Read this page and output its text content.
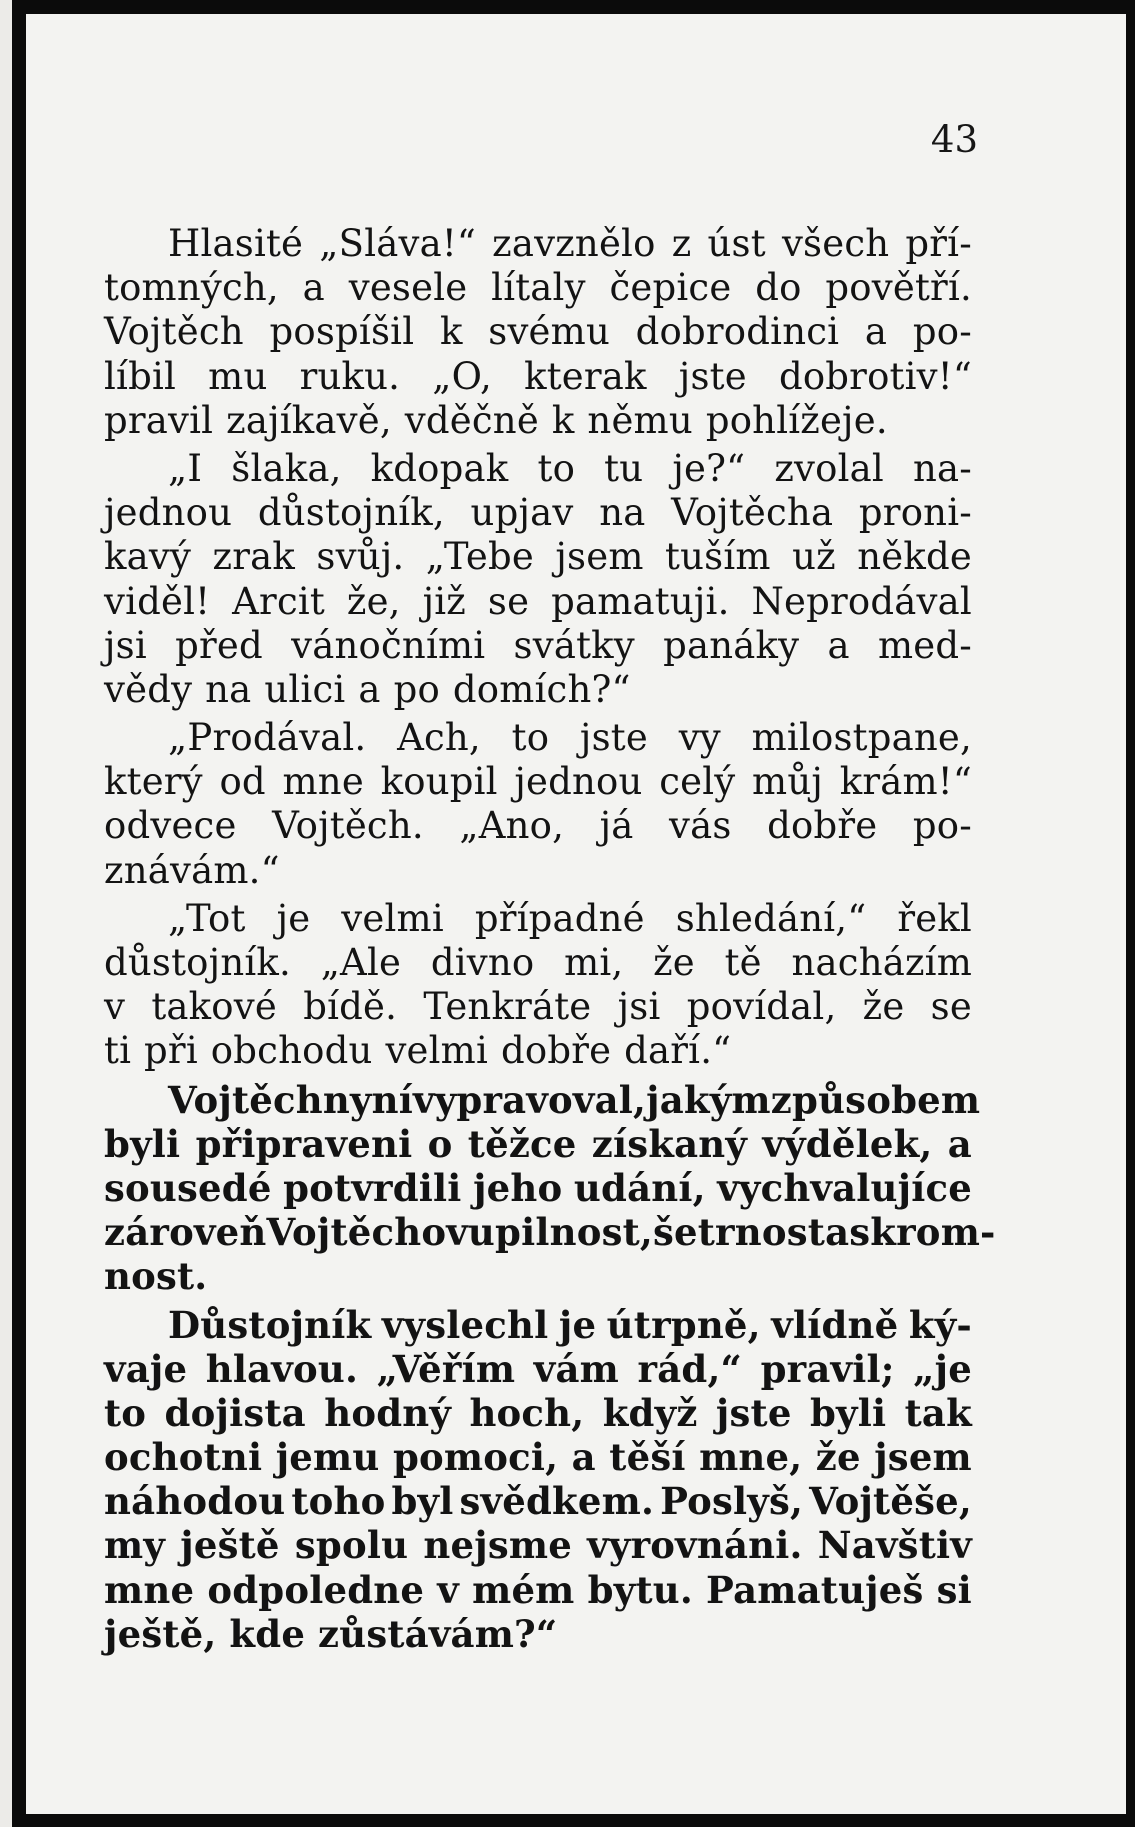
43
Hlasité „Sláva!“ zavznělo z úst všech pří-
tomných, a vesele lítaly čepice do povětří.
Vojtěch pospíšil k svému dobrodinci a po-
líbil mu ruku. „O, kterak jste dobrotiv!“
pravil zajíkavě, vděčně k němu pohlížeje.
„I šlaka, kdopak to tu je?“ zvolal na-
jednou důstojník, upjav na Vojtěcha proni-
kavý zrak svůj. „Tebe jsem tuším už někde
viděl! Arcit že, již se pamatuji. Neprodával
jsi před vánočními svátky panáky a med-
vědy na ulici a po domích?“
„Prodával. Ach, to jste vy milostpane,
který od mne koupil jednou celý můj krám!“
odvece Vojtěch. „Ano, já vás dobře po-
znávám.“
„Tot je velmi případné shledání,“ řekl
důstojník. „Ale divno mi, že tě nacházím
v takové bídě. Tenkráte jsi povídal, že se
ti při obchodu velmi dobře daří.“
Vojtěch nyní vypravoval, jakým způsobem
byli připraveni o těžce získaný výdělek, a
sousedé potvrdili jeho udání, vychvalujíce
zároveň Vojtěchovu pilnost, šetrnost a skrom-
nost.
Důstojník vyslechl je útrpně, vlídně ký-
vaje hlavou. „Věřím vám rád,“ pravil; „je
to dojista hodný hoch, když jste byli tak
ochotni jemu pomoci, a těší mne, že jsem
náhodou toho byl svědkem. Poslyš, Vojtěše,
my ještě spolu nejsme vyrovnáni. Navštiv
mne odpoledne v mém bytu. Pamatuješ si
ještě, kde zůstávám?“
